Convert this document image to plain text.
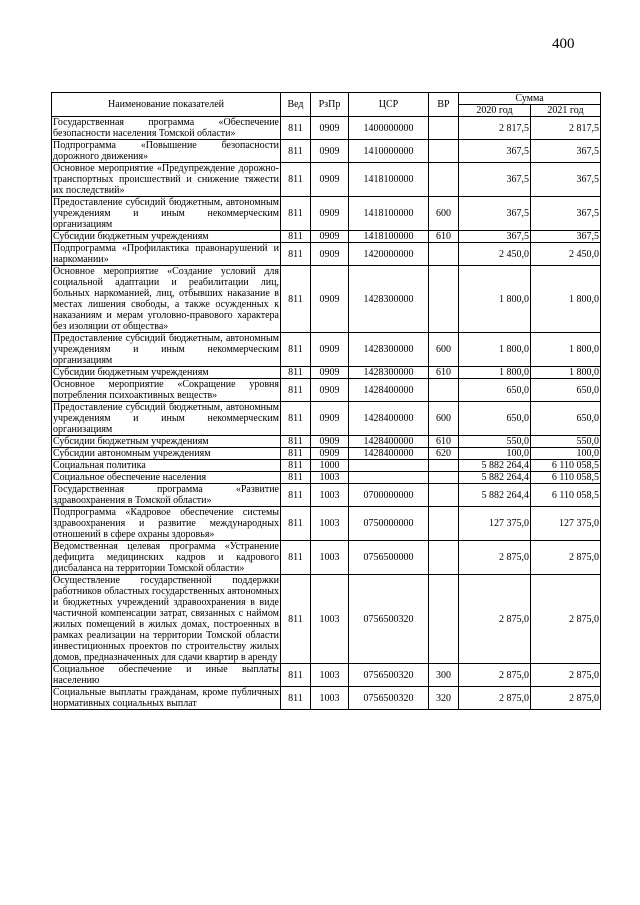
400
Наименование показателей	Вед	РзПр	ЦСР	ВР	Сумма	
					2020 год	2021 год
Государственная программа «Обеспечение безопасности населения Томской области»	811	0909	1400000000		2 817,5	2 817,5
Подпрограмма «Повышение безопасности дорожного движения»	811	0909	1410000000		367,5	367,5
Основное мероприятие «Предупреждение дорожно-транспортных происшествий и снижение тяжести их последствий»	811	0909	1418100000		367,5	367,5
Предоставление субсидий бюджетным, автономным учреждениям и иным некоммерческим организациям	811	0909	1418100000	600	367,5	367,5
Субсидии бюджетным учреждениям	811	0909	1418100000	610	367,5	367,5
Подпрограмма «Профилактика правонарушений и наркомании»	811	0909	1420000000		2 450,0	2 450,0
Основное мероприятие «Создание условий для социальной адаптации и реабилитации лиц, больных наркоманией, лиц, отбывших наказание в местах лишения свободы, а также осужденных к наказаниям и мерам уголовно-правового характера без изоляции от общества»	811	0909	1428300000		1 800,0	1 800,0
Предоставление субсидий бюджетным, автономным учреждениям и иным некоммерческим организациям	811	0909	1428300000	600	1 800,0	1 800,0
Субсидии бюджетным учреждениям	811	0909	1428300000	610	1 800,0	1 800,0
Основное мероприятие «Сокращение уровня потребления психоактивных веществ»	811	0909	1428400000		650,0	650,0
Предоставление субсидий бюджетным, автономным учреждениям и иным некоммерческим организациям	811	0909	1428400000	600	650,0	650,0
Субсидии бюджетным учреждениям	811	0909	1428400000	610	550,0	550,0
Субсидии автономным учреждениям	811	0909	1428400000	620	100,0	100,0
Социальная политика	811	1000			5 882 264,4	6 110 058,5
Социальное обеспечение населения	811	1003			5 882 264,4	6 110 058,5
Государственная программа «Развитие здравоохранения в Томской области»	811	1003	0700000000		5 882 264,4	6 110 058,5
Подпрограмма «Кадровое обеспечение системы здравоохранения и развитие международных отношений в сфере охраны здоровья»	811	1003	0750000000		127 375,0	127 375,0
Ведомственная целевая программа «Устранение дефицита медицинских кадров и кадрового дисбаланса на территории Томской области»	811	1003	0756500000		2 875,0	2 875,0
Осуществление государственной поддержки работников областных государственных автономных и бюджетных учреждений здравоохранения в виде частичной компенсации затрат, связанных с наймом жилых помещений в жилых домах, построенных в рамках реализации на территории Томской области инвестиционных проектов по строительству жилых домов, предназначенных для сдачи квартир в аренду	811	1003	0756500320		2 875,0	2 875,0
Социальное обеспечение и иные выплаты населению	811	1003	0756500320	300	2 875,0	2 875,0
Социальные выплаты гражданам, кроме публичных нормативных социальных выплат	811	1003	0756500320	320	2 875,0	2 875,0
